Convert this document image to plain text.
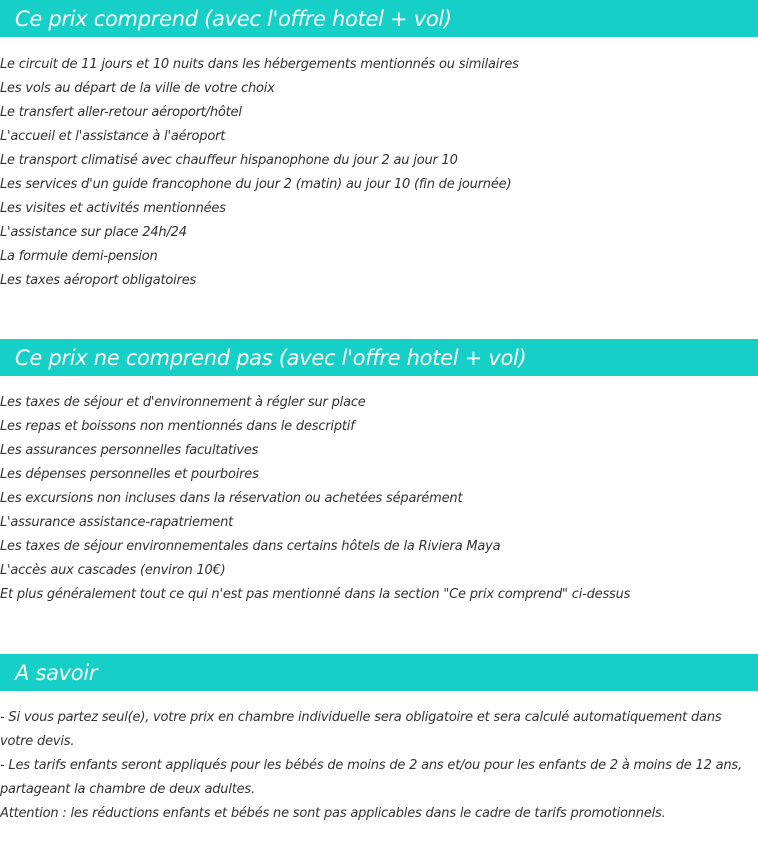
Ce prix comprend (avec l'offre hotel + vol)
Le circuit de 11 jours et 10 nuits dans les hébergements mentionnés ou similaires
Les vols au départ de la ville de votre choix
Le transfert aller-retour aéroport/hôtel
L'accueil et l'assistance à l'aéroport
Le transport climatisé avec chauffeur hispanophone du jour 2 au jour 10
Les services d'un guide francophone du jour 2 (matin) au jour 10 (fin de journée)
Les visites et activités mentionnées
L'assistance sur place 24h/24
La formule demi-pension
Les taxes aéroport obligatoires
Ce prix ne comprend pas (avec l'offre hotel + vol)
Les taxes de séjour et d'environnement à régler sur place
Les repas et boissons non mentionnés dans le descriptif
Les assurances personnelles facultatives
Les dépenses personnelles et pourboires
Les excursions non incluses dans la réservation ou achetées séparément
L'assurance assistance-rapatriement
Les taxes de séjour environnementales dans certains hôtels de la Riviera Maya
L'accès aux cascades (environ 10€)
Et plus généralement tout ce qui n'est pas mentionné dans la section "Ce prix comprend" ci-dessus
A savoir

- Si vous partez seul(e), votre prix en chambre individuelle sera obligatoire et sera calculé automatiquement dans votre devis.

- Les tarifs enfants seront appliqués pour les bébés de moins de 2 ans et/ou pour les enfants de 2 à moins de 12 ans, partageant la chambre de deux adultes.

Attention : les réductions enfants et bébés ne sont pas applicables dans le cadre de tarifs promotionnels.
